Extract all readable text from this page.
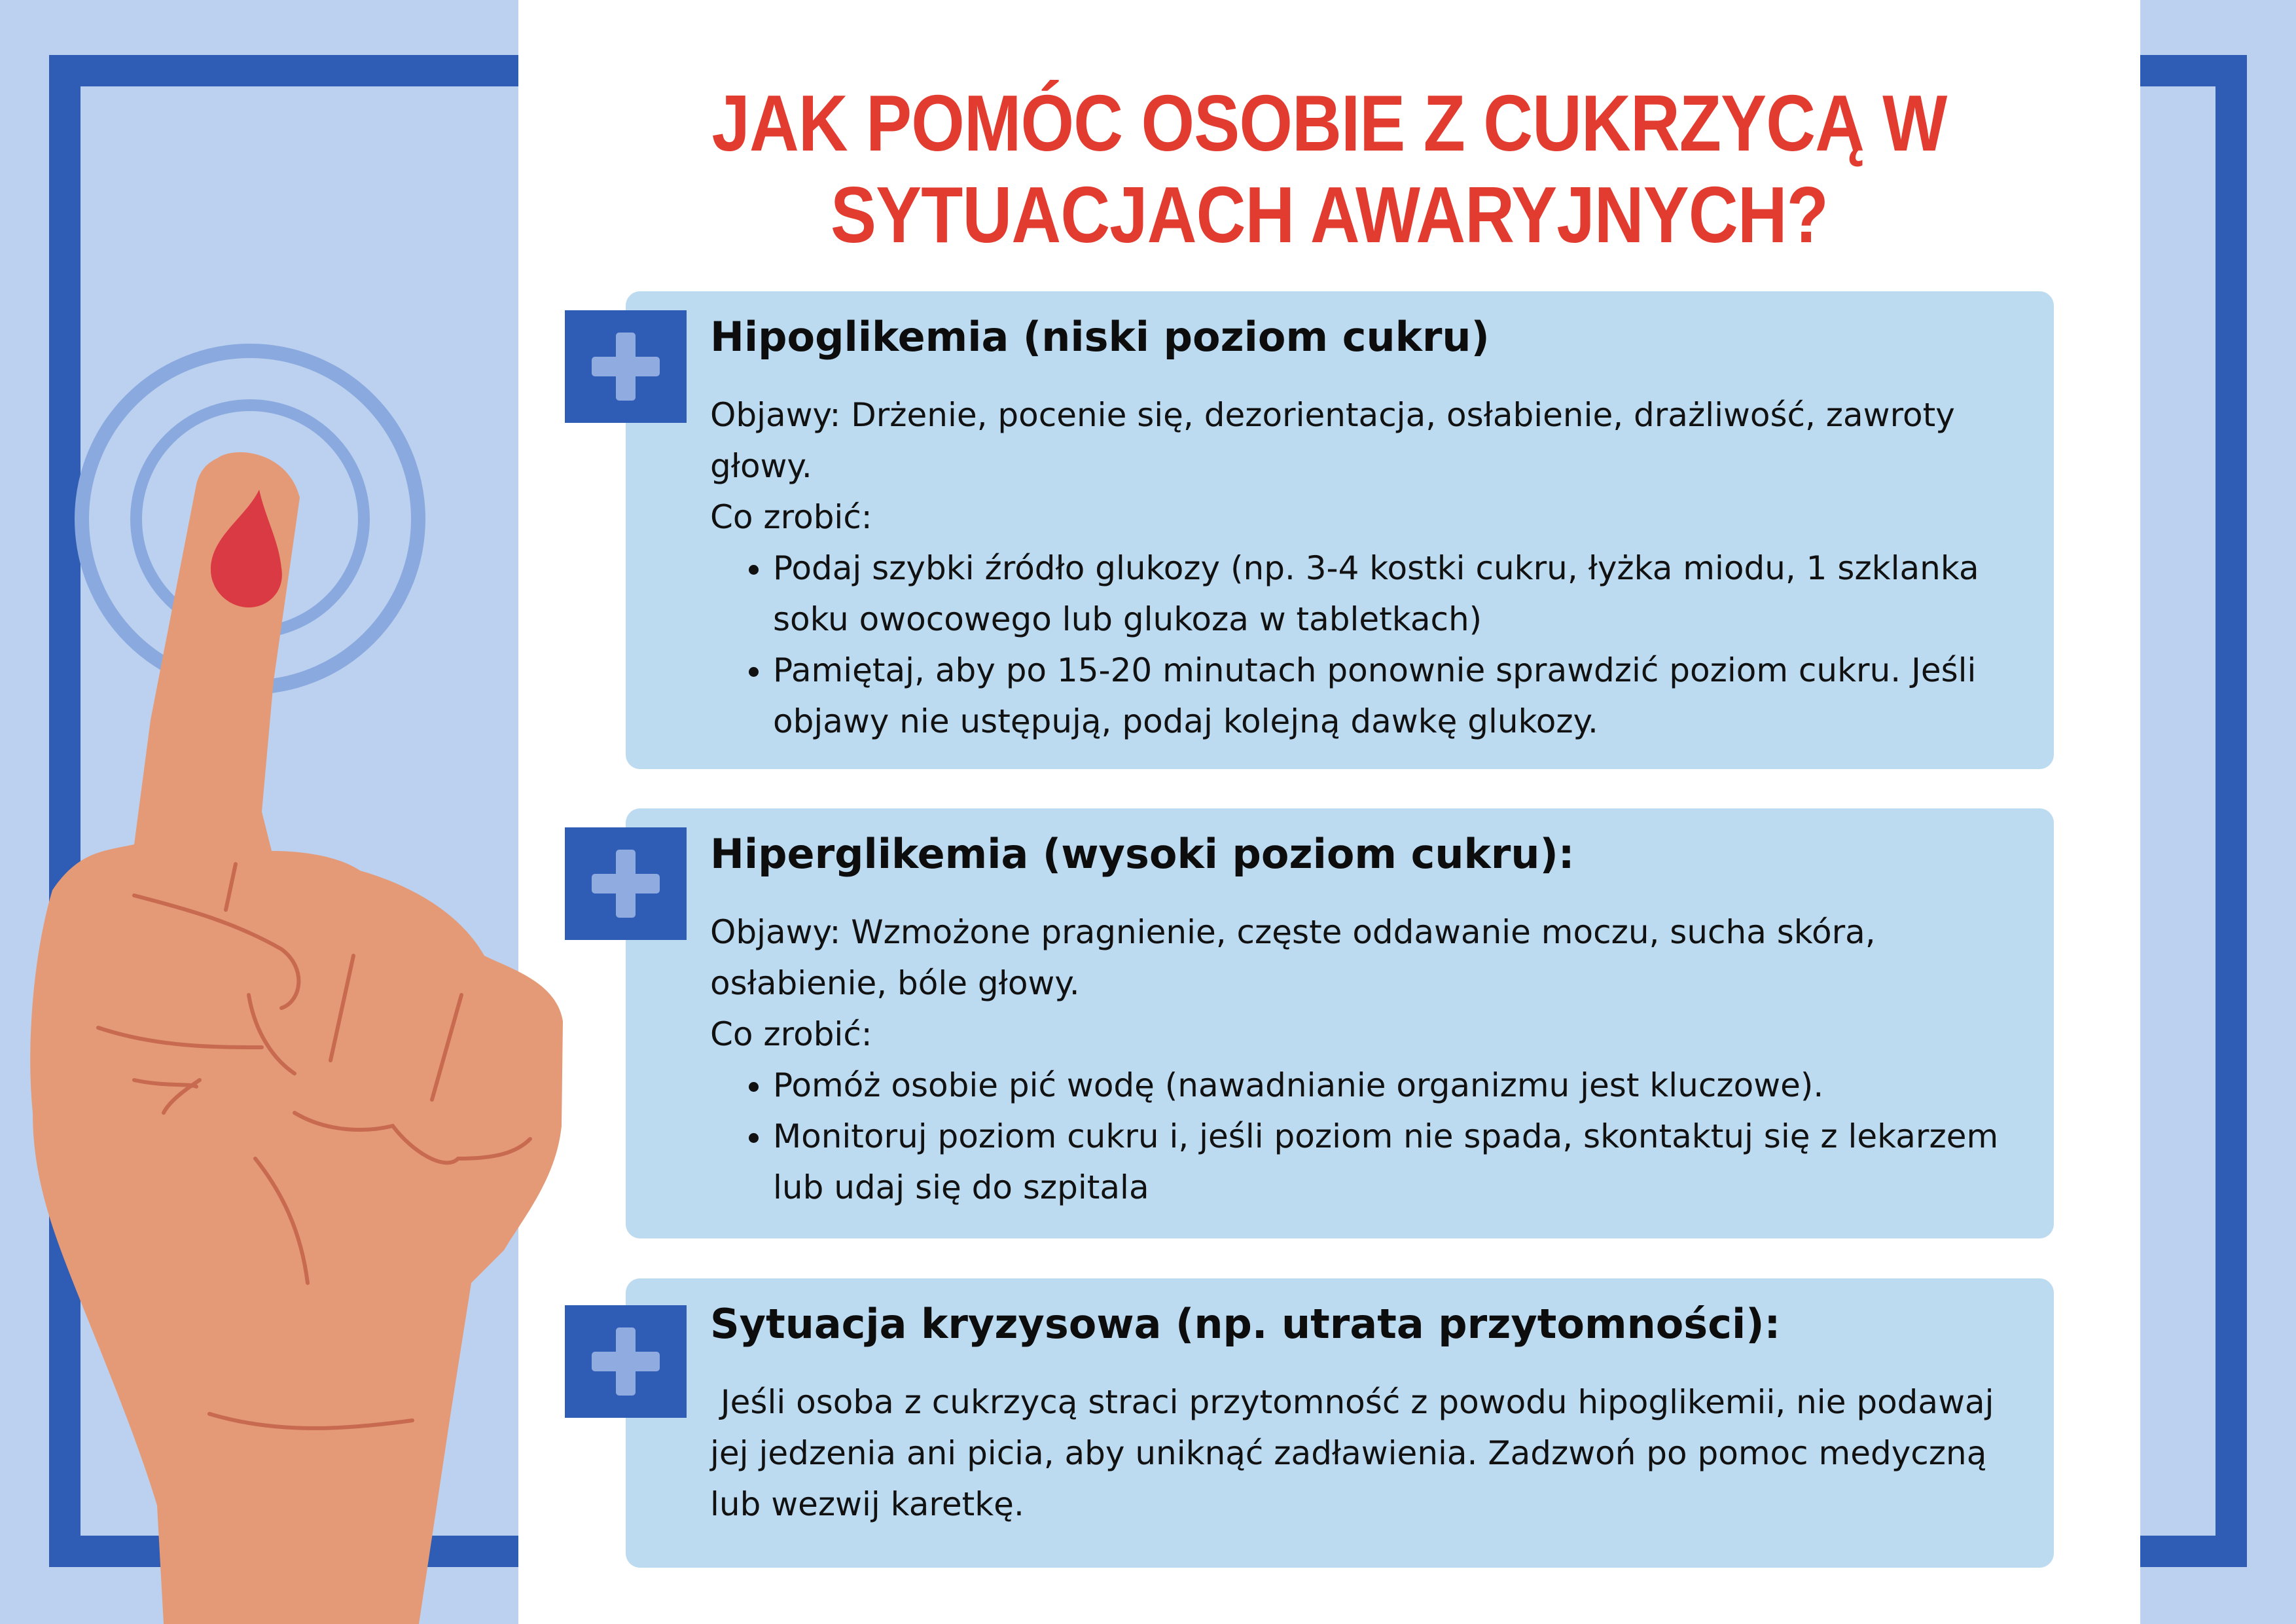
JAK POMÓC OSOBIE Z CUKRZYCĄ W
SYTUACJACH AWARYJNYCH?
Hipoglikemia (niski poziom cukru)

Objawy: Drżenie, pocenie się, dezorientacja, osłabienie, drażliwość, zawroty głowy.

Co zrobić:

• Podaj szybki źródło glukozy (np. 3-4 kostki cukru, łyżka miodu, 1 szklanka soku owocowego lub glukoza w tabletkach)
• Pamiętaj, aby po 15-20 minutach ponownie sprawdzić poziom cukru. Jeśli objawy nie ustępują, podaj kolejną dawkę glukozy.
Hiperglikemia (wysoki poziom cukru):

Objawy: Wzmożone pragnienie, częste oddawanie moczu, sucha skóra, osłabienie, bóle głowy.

Co zrobić:

• Pomóż osobie pić wodę (nawadnianie organizmu jest kluczowe).
• Monitoruj poziom cukru i, jeśli poziom nie spada, skontaktuj się z lekarzem lub udaj się do szpitala
Sytuacja kryzysowa (np. utrata przytomności):

Jeśli osoba z cukrzycą straci przytomność z powodu hipoglikemii, nie podawaj jej jedzenia ani picia, aby uniknąć zadławienia. Zadzwoń po pomoc medyczną lub wezwij karetkę.
